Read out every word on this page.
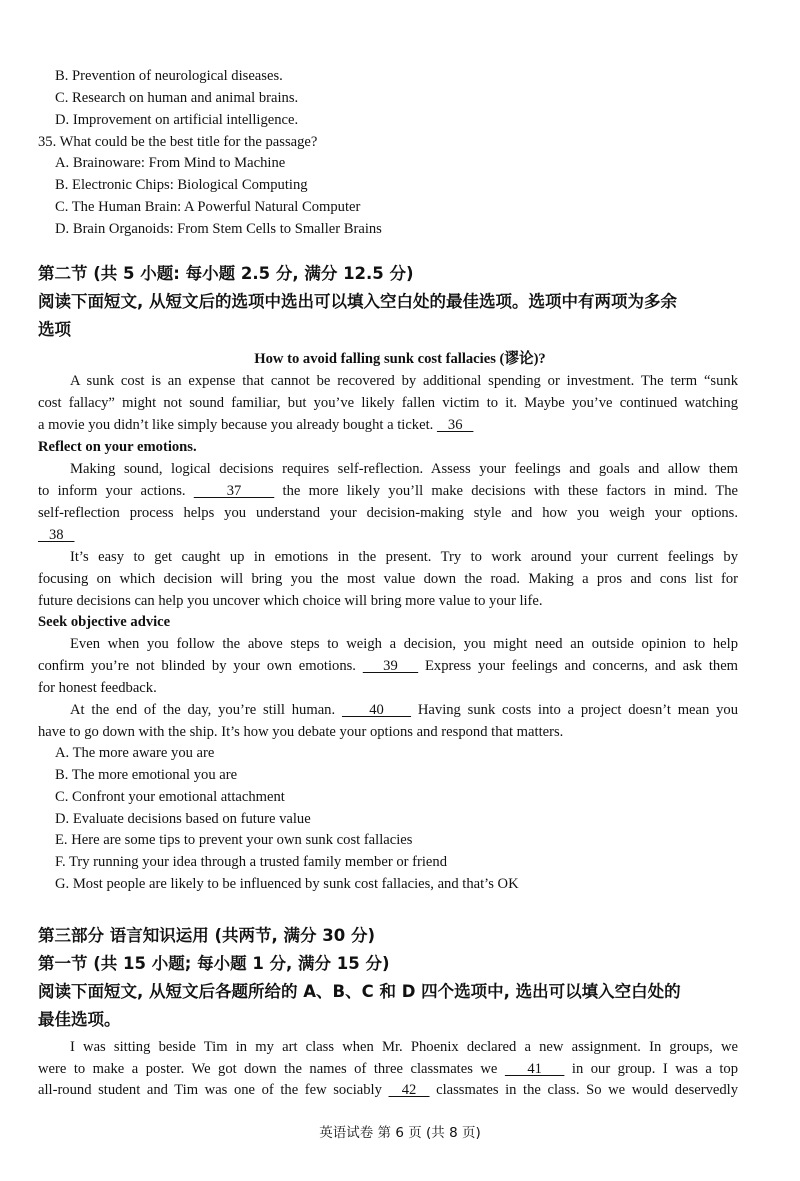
B. Prevention of neurological diseases.
C. Research on human and animal brains.
D. Improvement on artificial intelligence.
35. What could be the best title for the passage?
A. Brainoware: From Mind to Machine
B. Electronic Chips: Biological Computing
C. The Human Brain: A Powerful Natural Computer
D. Brain Organoids: From Stem Cells to Smaller Brains
第二节 (共 5 小题: 每小题 2.5 分, 满分 12.5 分)
阅读下面短文, 从短文后的选项中选出可以填入空白处的最佳选项。选项中有两项为多余
选项
How to avoid falling sunk cost fallacies (谬论)?
A sunk cost is an expense that cannot be recovered by additional spending or investment. The term “sunk
cost fallacy” might not sound familiar, but you’ve likely fallen victim to it. Maybe you’ve continued watching
a movie you didn’t like simply because you already bought a ticket.    36
Reflect on your emotions.
Making sound, logical decisions requires self-reflection. Assess your feelings and goals and allow them
to inform your actions.     37     the more likely you’ll make decisions with these factors in mind. The
self-reflection process helps you understand your decision-making style and how you weigh your options.
38
It’s easy to get caught up in emotions in the present. Try to work around your current feelings by
focusing on which decision will bring you the most value down the road. Making a pros and cons list for
future decisions can help you uncover which choice will bring more value to your life.
Seek objective advice
Even when you follow the above steps to weigh a decision, you might need an outside opinion to help
confirm you’re not blinded by your own emotions.    39    Express your feelings and concerns, and ask them
for honest feedback.
At the end of the day, you’re still human.     40     Having sunk costs into a project doesn’t mean you
have to go down with the ship. It’s how you debate your options and respond that matters.
A. The more aware you are
B. The more emotional you are
C. Confront your emotional attachment
D. Evaluate decisions based on future value
E. Here are some tips to prevent your own sunk cost fallacies
F. Try running your idea through a trusted family member or friend
G. Most people are likely to be influenced by sunk cost fallacies, and that’s OK
第三部分 语言知识运用 (共两节, 满分 30 分)
第一节 (共 15 小题; 每小题 1 分, 满分 15 分)
阅读下面短文, 从短文后各题所给的 A、B、C 和 D 四个选项中, 选出可以填入空白处的
最佳选项。
I was sitting beside Tim in my art class when Mr. Phoenix declared a new assignment. In groups, we
were to make a poster. We got down the names of three classmates we    41    in our group. I was a top
all-round student and Tim was one of the few sociably   42   classmates in the class. So we would deservedly
英语试卷 第 6 页 (共 8 页)
